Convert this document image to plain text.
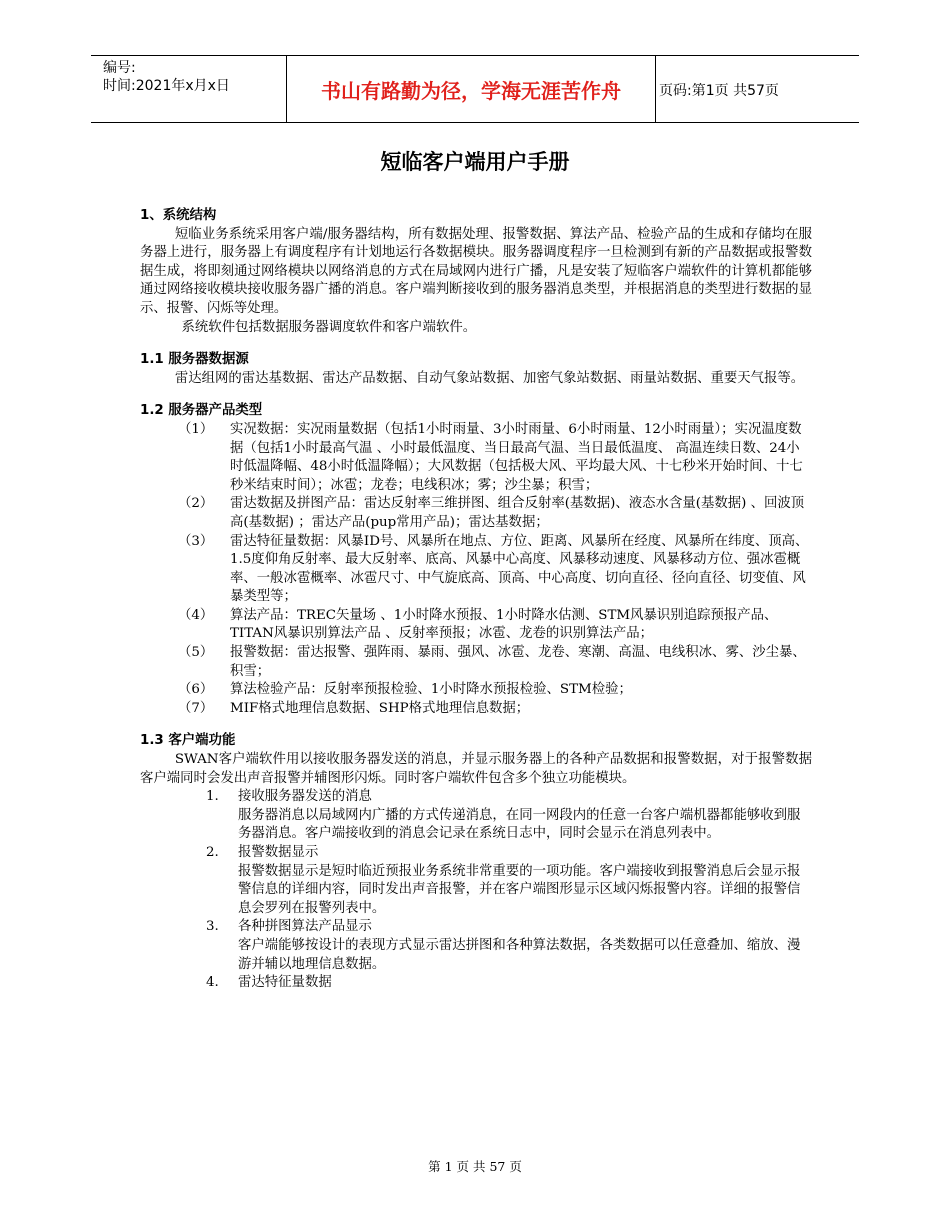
编号:
时间:2021年x月x日	书山有路勤为径，学海无涯苦作舟	页码:第1页 共57页
短临客户端用户手册
1、系统结构
短临业务系统采用客户端/服务器结构，所有数据处理、报警数据、算法产品、检验产品的生成和存储均在服务器上进行，服务器上有调度程序有计划地运行各数据模块。服务器调度程序一旦检测到有新的产品数据或报警数据生成，将即刻通过网络模块以网络消息的方式在局域网内进行广播，凡是安装了短临客户端软件的计算机都能够通过网络接收模块接收服务器广播的消息。客户端判断接收到的服务器消息类型，并根据消息的类型进行数据的显示、报警、闪烁等处理。
系统软件包括数据服务器调度软件和客户端软件。
1.1 服务器数据源
雷达组网的雷达基数据、雷达产品数据、自动气象站数据、加密气象站数据、雨量站数据、重要天气报等。
1.2 服务器产品类型
（1） 实况数据：实况雨量数据（包括1小时雨量、3小时雨量、6小时雨量、12小时雨量）；实况温度数据（包括1小时最高气温 、小时最低温度、当日最高气温、当日最低温度、 高温连续日数、24小时低温降幅、48小时低温降幅）；大风数据（包括极大风、平均最大风、十七秒米开始时间、十七秒米结束时间）；冰雹；龙卷；电线积冰；雾；沙尘暴；积雪；
（2） 雷达数据及拼图产品：雷达反射率三维拼图、组合反射率(基数据)、液态水含量(基数据) 、回波顶高(基数据) ；雷达产品(pup常用产品)；雷达基数据；
（3） 雷达特征量数据：风暴ID号、风暴所在地点、方位、距离、风暴所在经度、风暴所在纬度、顶高、1.5度仰角反射率、最大反射率、底高、风暴中心高度、风暴移动速度、风暴移动方位、强冰雹概率、一般冰雹概率、冰雹尺寸、中气旋底高、顶高、中心高度、切向直径、径向直径、切变值、风暴类型等；
（4） 算法产品：TREC矢量场 、1小时降水预报、1小时降水估测、STM风暴识别追踪预报产品、TITAN风暴识别算法产品 、反射率预报；冰雹、龙卷的识别算法产品；
（5） 报警数据：雷达报警、强阵雨、暴雨、强风、冰雹、龙卷、寒潮、高温、电线积冰、雾、沙尘暴、积雪；
（6） 算法检验产品：反射率预报检验、1小时降水预报检验、STM检验；
（7） MIF格式地理信息数据、SHP格式地理信息数据；
1.3 客户端功能
SWAN客户端软件用以接收服务器发送的消息，并显示服务器上的各种产品数据和报警数据，对于报警数据客户端同时会发出声音报警并辅图形闪烁。同时客户端软件包含多个独立功能模块。
1. 接收服务器发送的消息
服务器消息以局域网内广播的方式传递消息，在同一网段内的任意一台客户端机器都能够收到服务器消息。客户端接收到的消息会记录在系统日志中，同时会显示在消息列表中。
2. 报警数据显示
报警数据显示是短时临近预报业务系统非常重要的一项功能。客户端接收到报警消息后会显示报警信息的详细内容，同时发出声音报警，并在客户端图形显示区域闪烁报警内容。详细的报警信息会罗列在报警列表中。
3. 各种拼图算法产品显示
客户端能够按设计的表现方式显示雷达拼图和各种算法数据，各类数据可以任意叠加、缩放、漫游并辅以地理信息数据。
4. 雷达特征量数据
第 1 页 共 57 页
